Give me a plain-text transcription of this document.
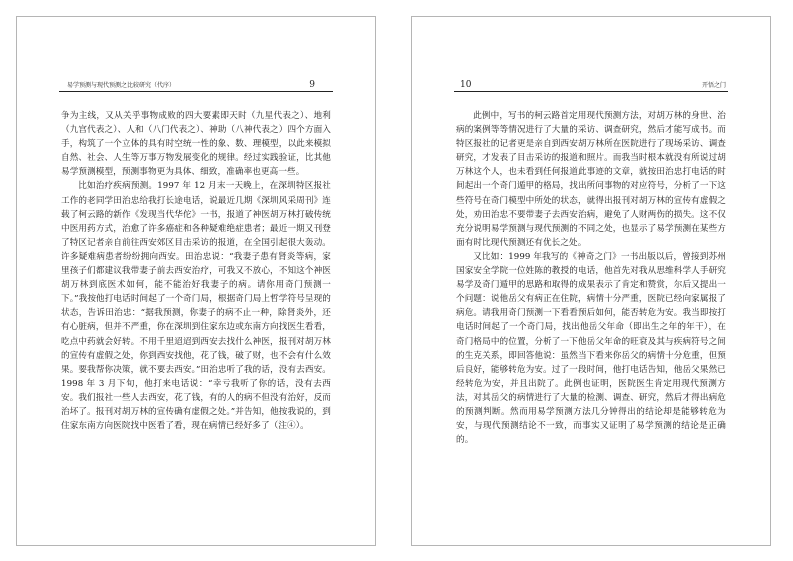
易学预测与现代预测之比较研究（代序）	9

争为主线，又从关乎事物成败的四大要素即天时（九星代表之）、地利（九宫代表之）、人和（八门代表之）、神助（八神代表之）四个方面入手，构筑了一个立体的具有时空统一性的象、数、理模型，以此来模拟自然、社会、人生等万事万物发展变化的规律。经过实践验证，比其他易学预测模型，预测事物更为具体、细致，准确率也更高一些。

比如治疗疾病预测。1997 年 12 月末一天晚上，在深圳特区报社工作的老同学田治忠给我打长途电话，说最近几期《深圳风采周刊》连载了柯云路的新作《发现当代华佗》一书，报道了神医胡万林打破传统中医用药方式，治愈了许多癌症和各种疑难绝症患者；最近一期又刊登了特区记者亲自前往西安郊区目击采访的报道，在全国引起很大轰动。许多疑难病患者纷纷拥向西安。田治忠说：“我妻子患有肾炎等病，家里孩子们都建议我带妻子前去西安治疗，可我又不放心，不知这个神医胡万林到底医术如何，能不能治好我妻子的病。请你用奇门预测一下。”我按他打电话时间起了一个奇门局，根据奇门局上哲学符号呈现的状态，告诉田治忠：“据我预测，你妻子的病不止一种，除肾炎外，还有心脏病，但并不严重，你在深圳到住家东边或东南方向找医生看看，吃点中药就会好转。不用千里迢迢到西安去找什么神医，报刊对胡万林的宣传有虚假之处，你到西安找他，花了钱，破了财，也不会有什么效果。要我帮你决策，就不要去西安。”田治忠听了我的话，没有去西安。1998 年 3 月下旬，他打来电话说：“幸亏我听了你的话，没有去西安。我们报社一些人去西安，花了钱，有的人的病不但没有治好，反而治坏了。报刊对胡万林的宣传确有虚假之处。”并告知，他按我说的，到住家东南方向医院找中医看了看，现在病情已经好多了（注④）。

10	开悟之门

此例中，写书的柯云路首定用现代预测方法，对胡万林的身世、治病的案例等等情况进行了大量的采访、调查研究，然后才能写成书。而特区报社的记者更是亲自到西安胡万林所在医院进行了现场采访、调查研究，才发表了目击采访的报道和照片。而我当时根本就没有所说过胡万林这个人，也未看到任何报道此事迹的文章，就按田治忠打电话的时间起出一个奇门遁甲的格局，找出所问事物的对应符号，分析了一下这些符号在奇门模型中所处的状态，就得出报刊对胡万林的宣传有虚假之处，劝田治忠不要带妻子去西安治病，避免了人财两伤的损失。这不仅充分说明易学预测与现代预测的不同之处，也显示了易学预测在某些方面有时比现代预测还有优长之处。

又比如：1999 年我写的《神奇之门》一书出版以后，曾接到苏州国家安全学院一位姓陈的教授的电话，他首先对我从思维科学人手研究易学及奇门遁甲的思路和取得的成果表示了肯定和赞赏，尔后又提出一个问题：说他岳父有病正在住院，病情十分严重，医院已经向家属报了病危。请我用奇门预测一下看看预后如何，能否转危为安。我当即按打电话时间起了一个奇门局，找出他岳父年命（即出生之年的年干），在奇门格局中的位置，分析了一下他岳父年命的旺衰及其与疾病符号之间的生克关系，即回答他说：虽然当下看来你岳父的病情十分危重，但预后良好，能够转危为安。过了一段时间，他打电话告知，他岳父果然已经转危为安，并且出院了。此例也证明，医院医生肯定用现代预测方法，对其岳父的病情进行了大量的检测、调查、研究，然后才得出病危的预测判断。然而用易学预测方法几分钟得出的结论却是能够转危为安，与现代预测结论不一致，而事实又证明了易学预测的结论是正确的。
